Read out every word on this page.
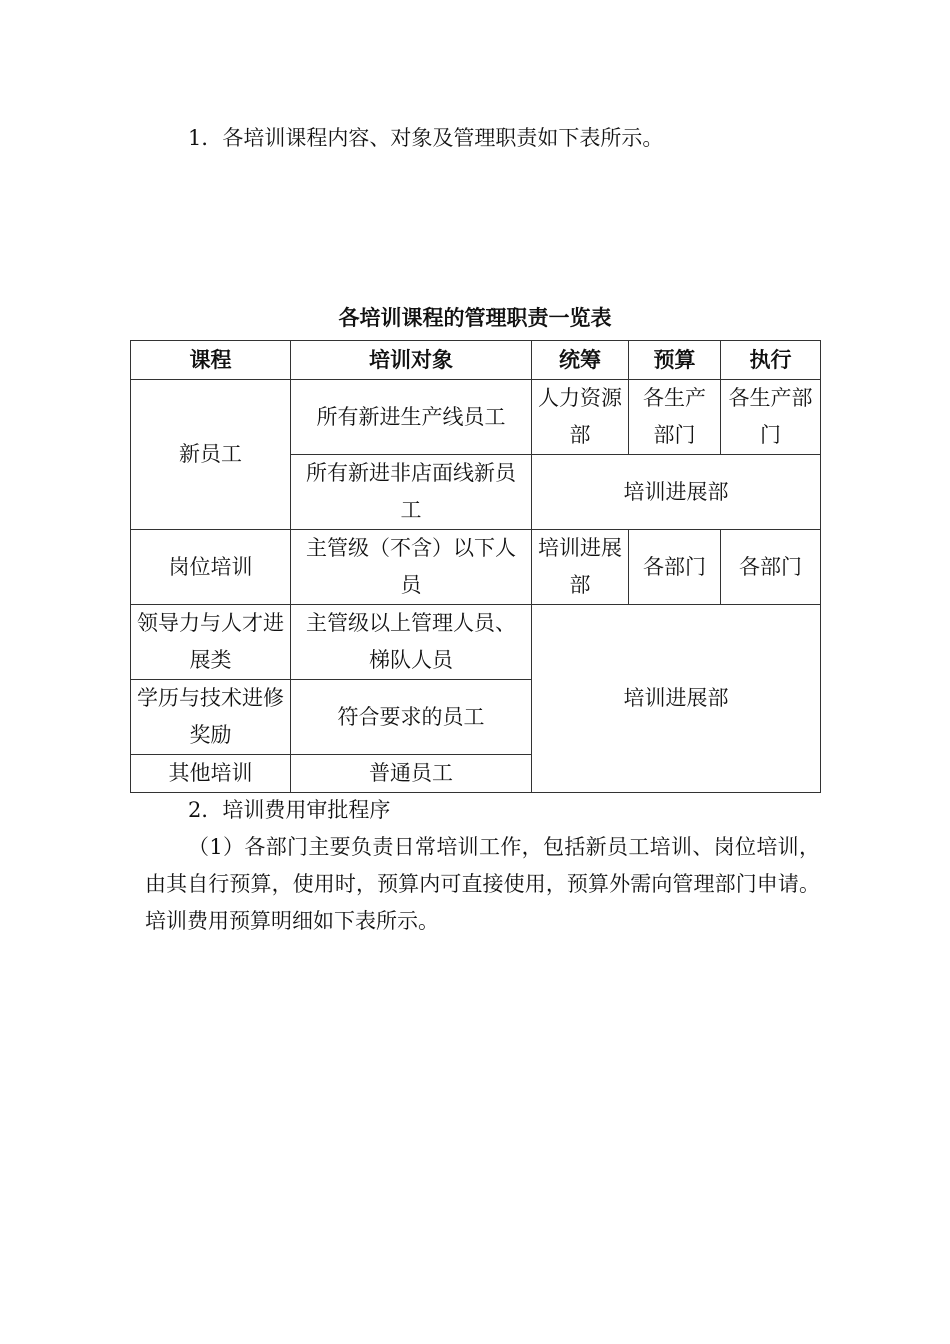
1．各培训课程内容、对象及管理职责如下表所示。

各培训课程的管理职责一览表
课程	培训对象	统筹	预算	执行
新员工	所有新进生产线员工	人力资源部	各生产部门	各生产部门
	所有新进非店面线新员工	培训进展部		
岗位培训	主管级（不含）以下人员	培训进展部	各部门	各部门
领导力与人才进展类	主管级以上管理人员、梯队人员	培训进展部		
学历与技术进修奖励	符合要求的员工			
其他培训	普通员工			

2．培训费用审批程序

（1）各部门主要负责日常培训工作，包括新员工培训、岗位培训，由其自行预算，使用时，预算内可直接使用，预算外需向管理部门申请。培训费用预算明细如下表所示。
